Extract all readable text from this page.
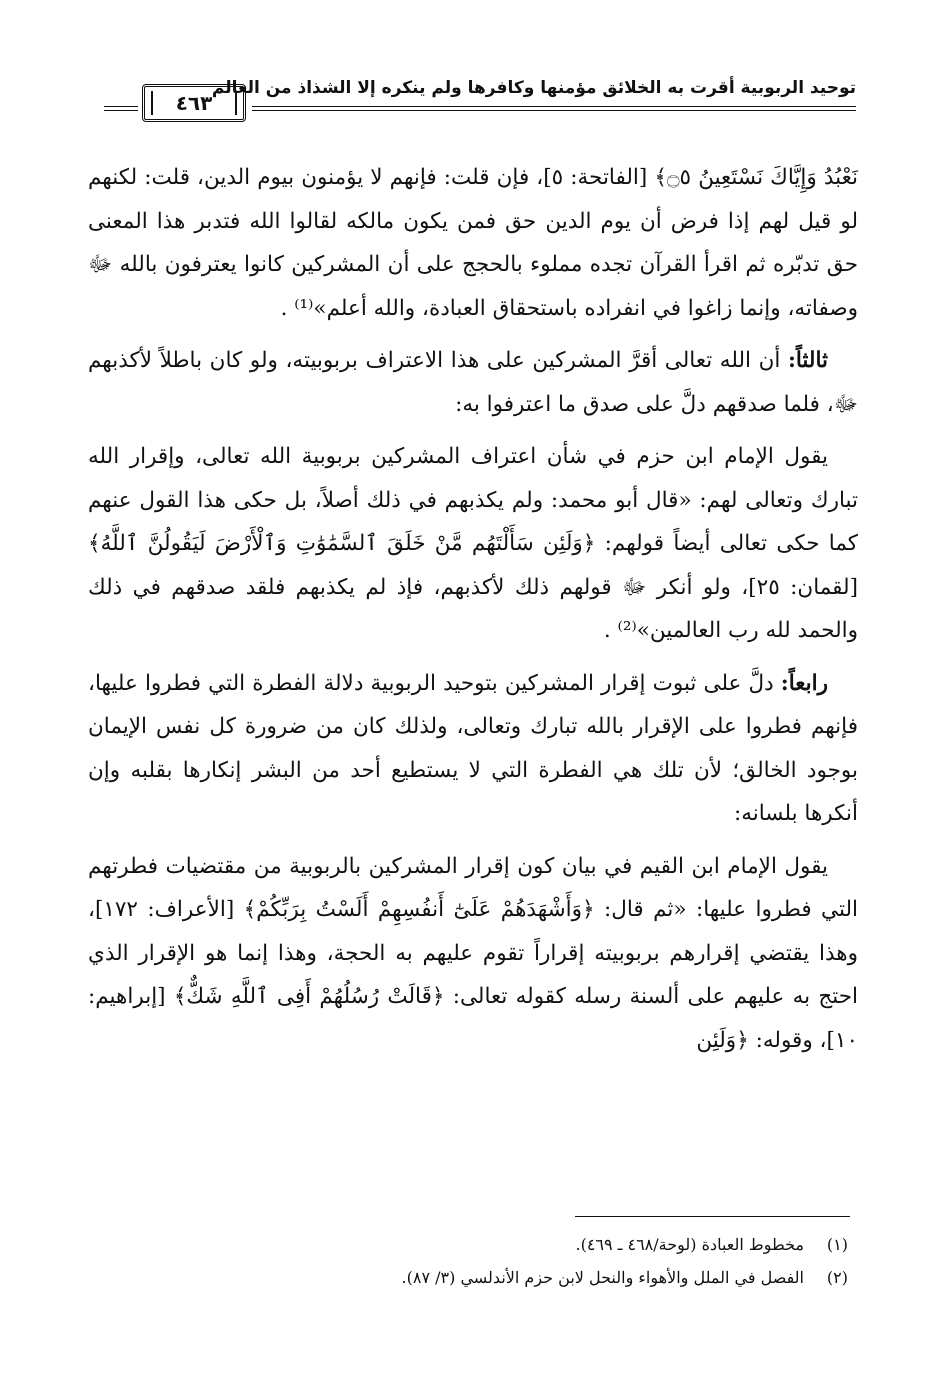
توحيد الربوبية أقرت به الخلائق مؤمنها وكافرها ولم ينكره إلا الشذاذ من العالم
٤٦٣

نَعْبُدُ وَإِيَّاكَ نَسْتَعِينُ ۝٥﴾ [الفاتحة: ٥]، فإن قلت: فإنهم لا يؤمنون بيوم الدين، قلت: لكنهم لو قيل لهم إذا فرض أن يوم الدين حق فمن يكون مالكه لقالوا الله فتدبر هذا المعنى حق تدبّره ثم اقرأ القرآن تجده مملوء بالحجج على أن المشركين كانوا يعترفون بالله ﷻ وصفاته، وإنما زاغوا في انفراده باستحقاق العبادة، والله أعلم»⁽¹⁾ .

ثالثاً: أن الله تعالى أقرَّ المشركين على هذا الاعتراف بربوبيته، ولو كان باطلاً لأكذبهم ﷻ، فلما صدقهم دلَّ على صدق ما اعترفوا به:

يقول الإمام ابن حزم في شأن اعتراف المشركين بربوبية الله تعالى، وإقرار الله تبارك وتعالى لهم: «قال أبو محمد: ولم يكذبهم في ذلك أصلاً، بل حكى هذا القول عنهم كما حكى تعالى أيضاً قولهم: ﴿وَلَئِن سَأَلْتَهُم مَّنْ خَلَقَ ٱلسَّمَٰوَٰتِ وَٱلْأَرْضَ لَيَقُولُنَّ ٱللَّهُ﴾ [لقمان: ٢٥]، ولو أنكر ﷻ قولهم ذلك لأكذبهم، فإذ لم يكذبهم فلقد صدقهم في ذلك والحمد لله رب العالمين»⁽²⁾ .

رابعاً: دلَّ على ثبوت إقرار المشركين بتوحيد الربوبية دلالة الفطرة التي فطروا عليها، فإنهم فطروا على الإقرار بالله تبارك وتعالى، ولذلك كان من ضرورة كل نفس الإيمان بوجود الخالق؛ لأن تلك هي الفطرة التي لا يستطيع أحد من البشر إنكارها بقلبه وإن أنكرها بلسانه:

يقول الإمام ابن القيم في بيان كون إقرار المشركين بالربوبية من مقتضيات فطرتهم التي فطروا عليها: «ثم قال: ﴿وَأَشْهَدَهُمْ عَلَىٰٓ أَنفُسِهِمْ أَلَسْتُ بِرَبِّكُمْ﴾ [الأعراف: ١٧٢]، وهذا يقتضي إقرارهم بربوبيته إقراراً تقوم عليهم به الحجة، وهذا إنما هو الإقرار الذي احتج به عليهم على ألسنة رسله كقوله تعالى: ﴿قَالَتْ رُسُلُهُمْ أَفِى ٱللَّهِ شَكٌّ﴾ [إبراهيم: ١٠]، وقوله: ﴿وَلَئِن

(١)
مخطوط العبادة (لوحة/٤٦٨ ـ ٤٦٩).
(٢)
الفصل في الملل والأهواء والنحل لابن حزم الأندلسي (٣/ ٨٧).
